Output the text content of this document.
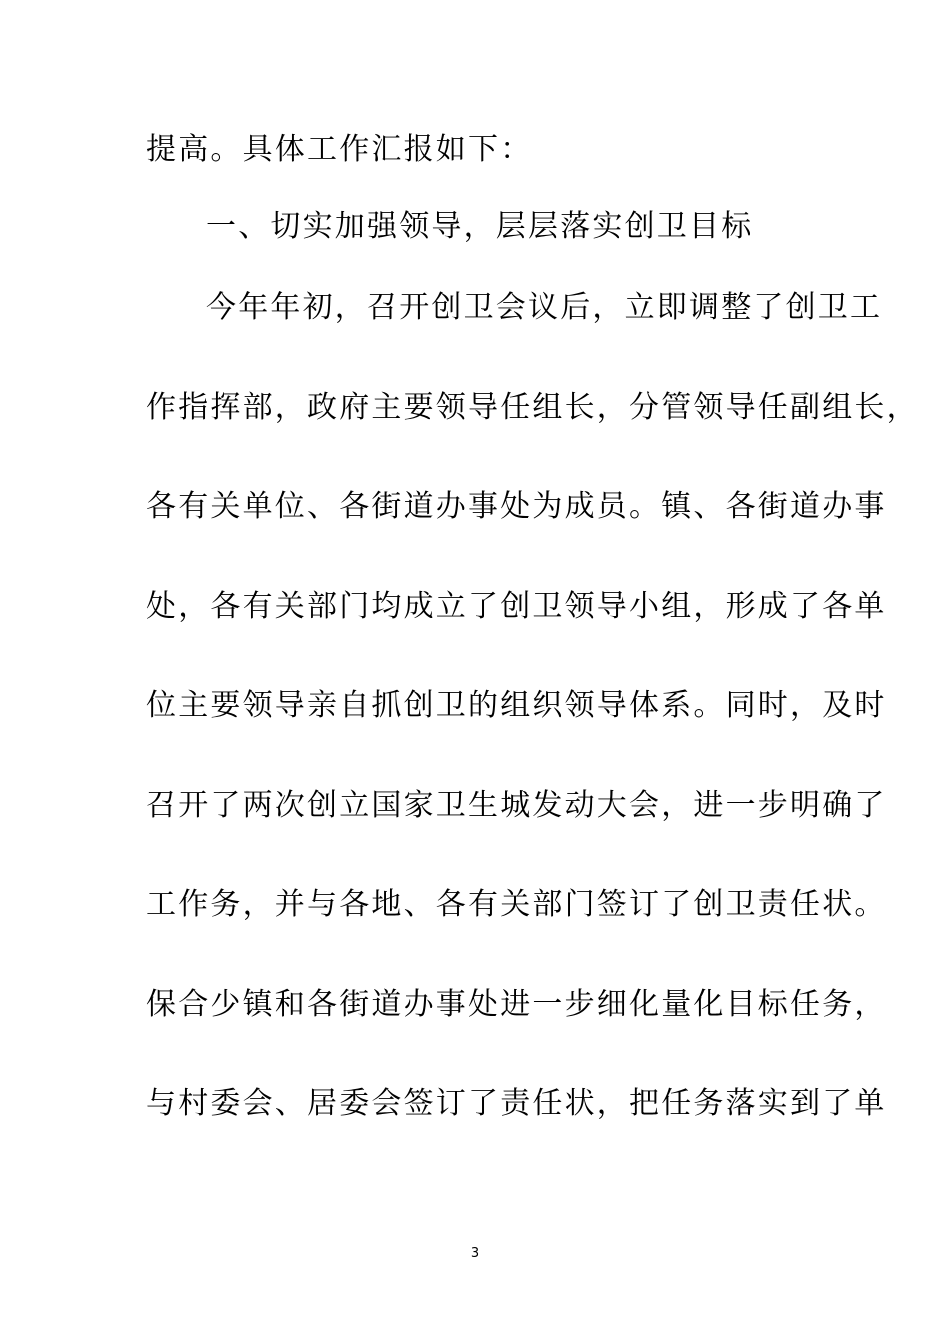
提高。具体工作汇报如下：
一、切实加强领导，层层落实创卫目标
今年年初，召开创卫会议后，立即调整了创卫工
作指挥部，政府主要领导任组长，分管领导任副组长，
各有关单位、各街道办事处为成员。镇、各街道办事
处，各有关部门均成立了创卫领导小组，形成了各单
位主要领导亲自抓创卫的组织领导体系。同时，及时
召开了两次创立国家卫生城发动大会，进一步明确了
工作务，并与各地、各有关部门签订了创卫责任状。
保合少镇和各街道办事处进一步细化量化目标任务，
与村委会、居委会签订了责任状，把任务落实到了单
3
